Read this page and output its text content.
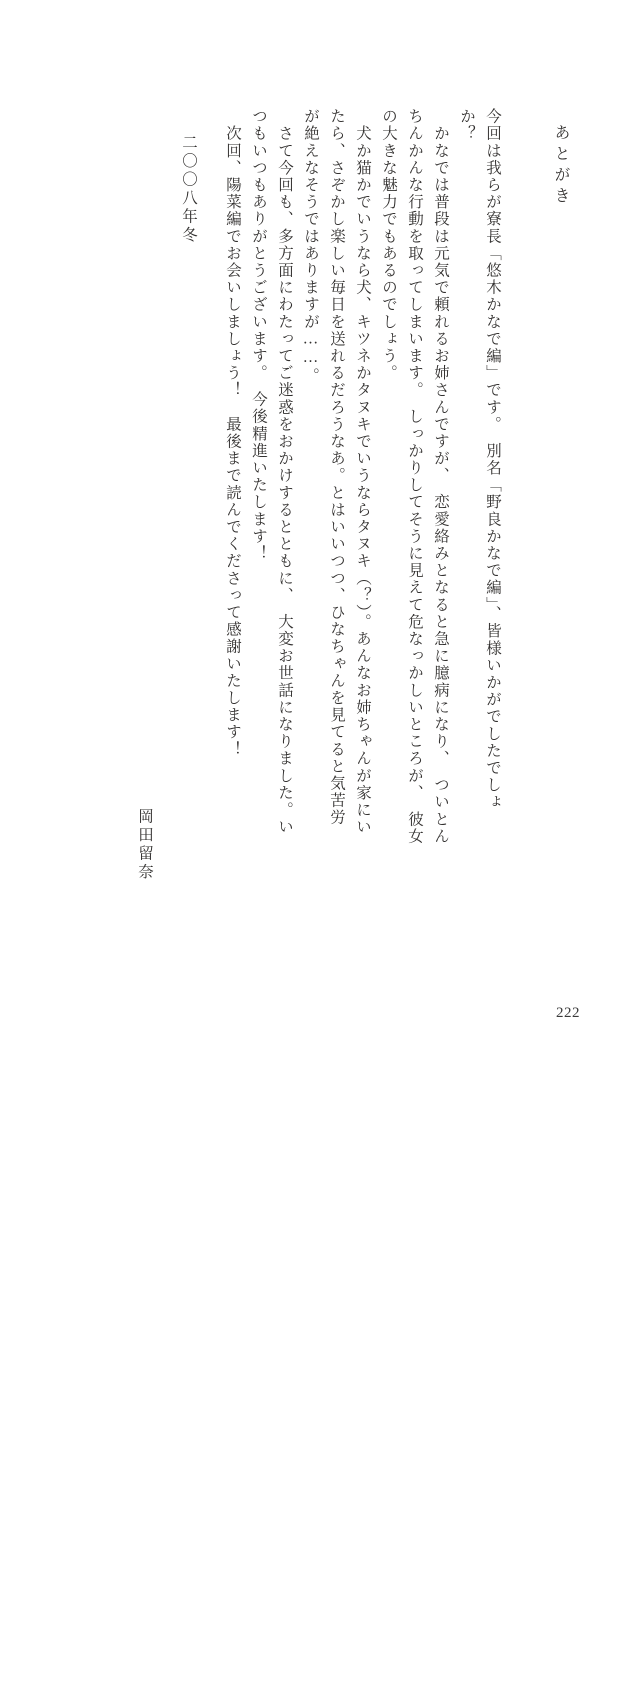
あとがき
今回は我らが寮長「悠木かなで編」です。　別名「野良かなで編」、皆様いかがでしたでしょ
か？
　かなでは普段は元気で頼れるお姉さんですが、　恋愛絡みとなると急に臆病になり、　ついとん
ちんかんな行動を取ってしまいます。　しっかりしてそうに見えて危なっかしいところが、　彼女
の大きな魅力でもあるのでしょう。
　犬か猫かでいうなら犬、キツネかタヌキでいうならタヌキ（？）。あんなお姉ちゃんが家にい
たら、さぞかし楽しい毎日を送れるだろうなあ。とはいいつつ、ひなちゃんを見てると気苦労
が絶えなそうではありますが……。
　さて今回も、多方面にわたってご迷惑をおかけするとともに、　大変お世話になりました。い
つもいつもありがとうございます。　今後精進いたします！
　次回、陽菜編でお会いしましょう！　最後まで読んでくださって感謝いたします！
二〇〇八年冬
岡田留奈
222
